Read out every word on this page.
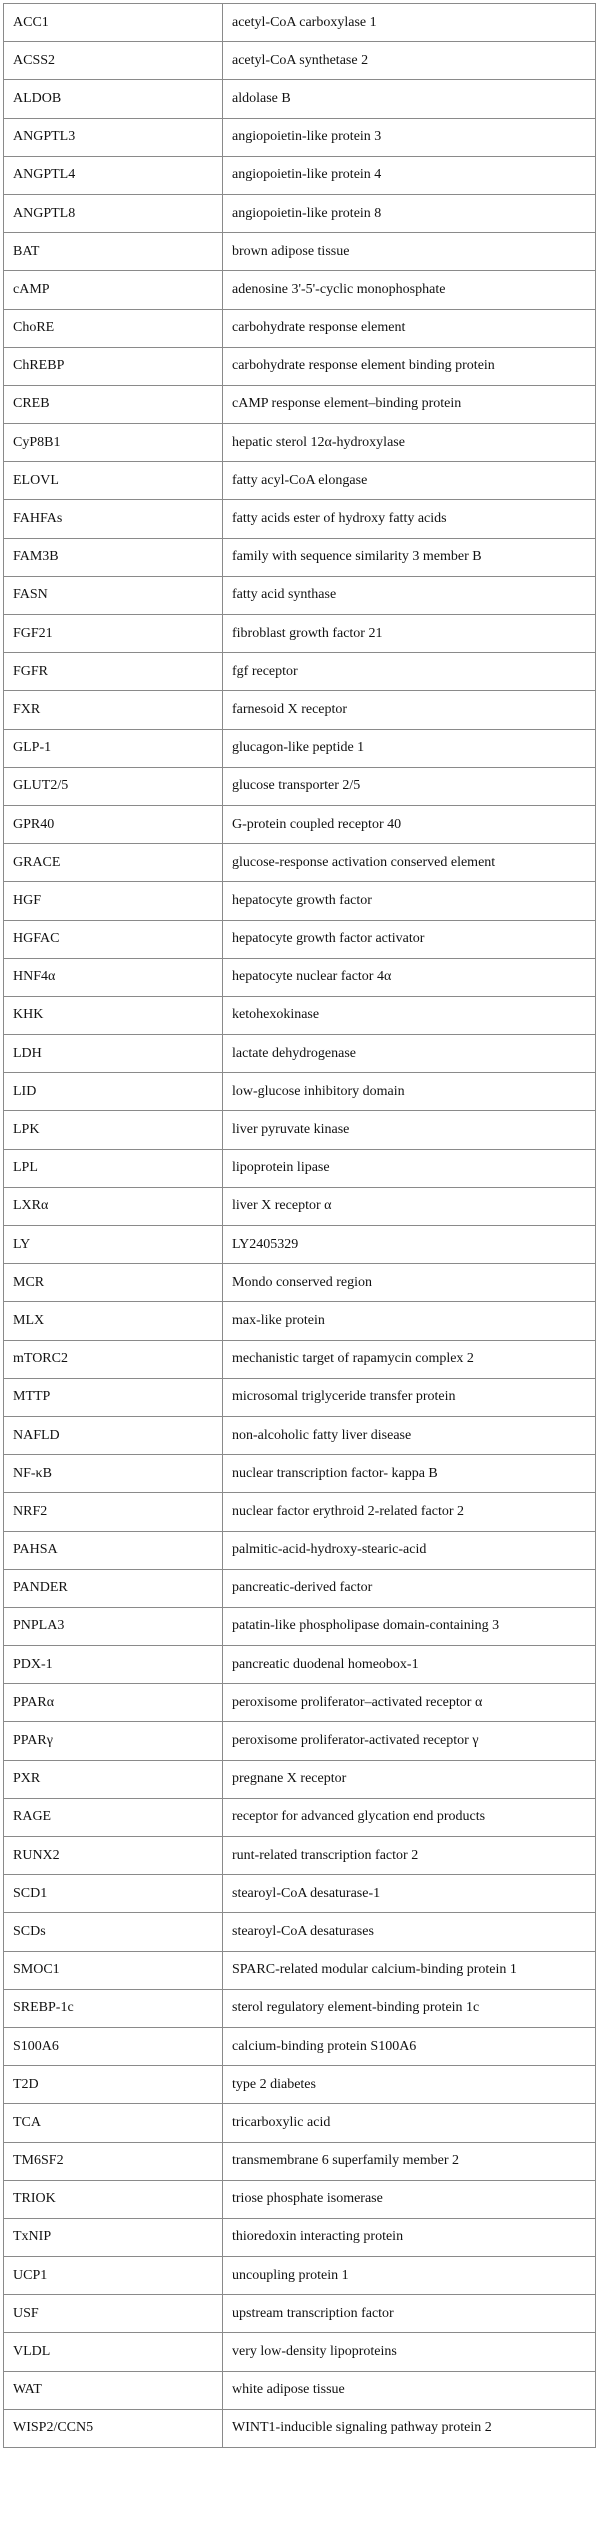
ACC1	acetyl-CoA carboxylase 1
ACSS2	acetyl-CoA synthetase 2
ALDOB	aldolase B
ANGPTL3	angiopoietin-like protein 3
ANGPTL4	angiopoietin-like protein 4
ANGPTL8	angiopoietin-like protein 8
BAT	brown adipose tissue
cAMP	adenosine 3'-5'-cyclic monophosphate
ChoRE	carbohydrate response element
ChREBP	carbohydrate response element binding protein
CREB	cAMP response element–binding protein
CyP8B1	hepatic sterol 12α-hydroxylase
ELOVL	fatty acyl-CoA elongase
FAHFAs	fatty acids ester of hydroxy fatty acids
FAM3B	family with sequence similarity 3 member B
FASN	fatty acid synthase
FGF21	fibroblast growth factor 21
FGFR	fgf receptor
FXR	farnesoid X receptor
GLP-1	glucagon-like peptide 1
GLUT2/5	glucose transporter 2/5
GPR40	G-protein coupled receptor 40
GRACE	glucose-response activation conserved element
HGF	hepatocyte growth factor
HGFAC	hepatocyte growth factor activator
HNF4α	hepatocyte nuclear factor 4α
KHK	ketohexokinase
LDH	lactate dehydrogenase
LID	low-glucose inhibitory domain
LPK	liver pyruvate kinase
LPL	lipoprotein lipase
LXRα	liver X receptor α
LY	LY2405329
MCR	Mondo conserved region
MLX	max-like protein
mTORC2	mechanistic target of rapamycin complex 2
MTTP	microsomal triglyceride transfer protein
NAFLD	non-alcoholic fatty liver disease
NF-κB	nuclear transcription factor- kappa B
NRF2	nuclear factor erythroid 2-related factor 2
PAHSA	palmitic-acid-hydroxy-stearic-acid
PANDER	pancreatic-derived factor
PNPLA3	patatin-like phospholipase domain-containing 3
PDX-1	pancreatic duodenal homeobox-1
PPARα	peroxisome proliferator–activated receptor α
PPARγ	peroxisome proliferator-activated receptor γ
PXR	pregnane X receptor
RAGE	receptor for advanced glycation end products
RUNX2	runt-related transcription factor 2
SCD1	stearoyl-CoA desaturase-1
SCDs	stearoyl-CoA desaturases
SMOC1	SPARC-related modular calcium-binding protein 1
SREBP-1c	sterol regulatory element-binding protein 1c
S100A6	calcium-binding protein S100A6
T2D	type 2 diabetes
TCA	tricarboxylic acid
TM6SF2	transmembrane 6 superfamily member 2
TRIOK	triose phosphate isomerase
TxNIP	thioredoxin interacting protein
UCP1	uncoupling protein 1
USF	upstream transcription factor
VLDL	very low-density lipoproteins
WAT	white adipose tissue
WISP2/CCN5	WINT1-inducible signaling pathway protein 2
